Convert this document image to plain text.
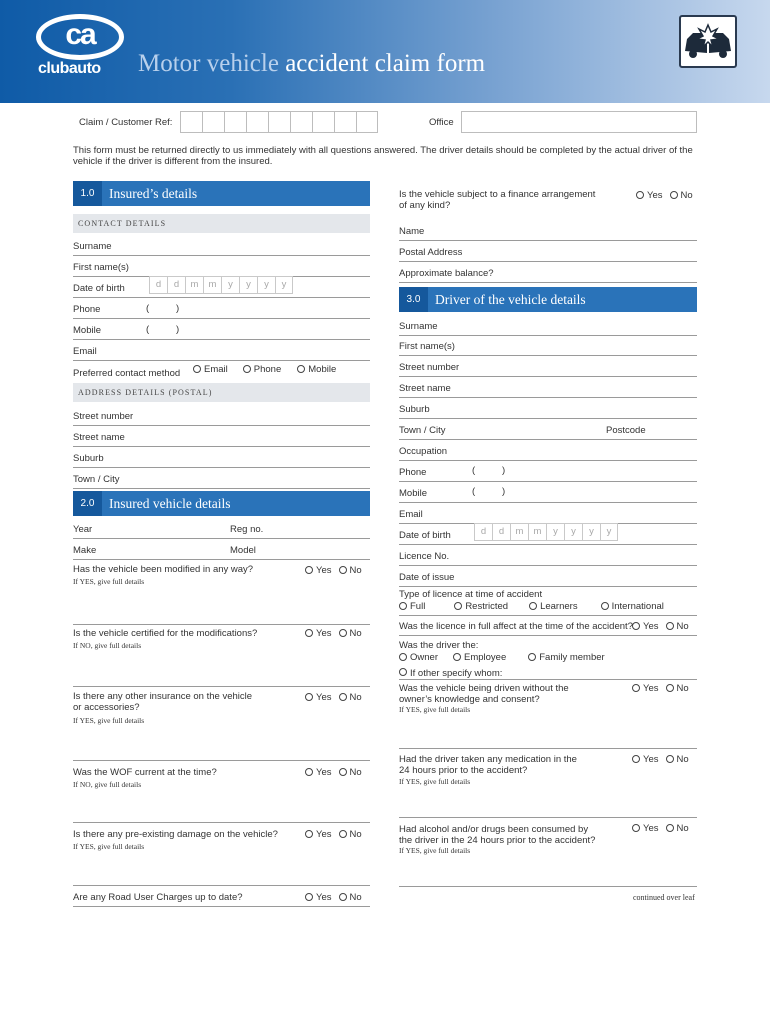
ca
clubauto Motor vehicle accident claim form
Claim / Customer Ref:	Office
This form must be returned directly to us immediately with all questions answered. The driver details should be completed by the actual driver of the vehicle if the driver is different from the insured.
1.0	Insured’s details
CONTACT DETAILS
Surname
First name(s)
Date of birth	d	d	m	m	y	y	y	y
Phone	(	)
Mobile	(	)
Email
Preferred contact method	Email	Phone	Mobile
ADDRESS DETAILS (POSTAL)
Street number
Street name
Suburb
Town / City
2.0	Insured vehicle details
Year	Reg no.
Make	Model
Has the vehicle been modified in any way?
If YES, give full details
Yes	No
Is the vehicle certified for the modifications?
If NO, give full details
Yes	No
Is there any other insurance on the vehicle
or accessories?
If YES, give full details
Yes	No
Was the WOF current at the time?
If NO, give full details
Yes	No
Is there any pre-existing damage on the vehicle?
If YES, give full details
Yes	No
Are any Road User Charges up to date?	Yes	No
Is the vehicle subject to a finance arrangement
of any kind?
Yes	No
Name
Postal Address
Approximate balance?
3.0	Driver of the vehicle details
Surname
First name(s)
Street number
Street name
Suburb
Town / City	Postcode
Occupation
Phone	(	)
Mobile	(	)
Email
Date of birth	d	d	m	m	y	y	y	y
Licence No.
Date of issue
Type of licence at time of accident
Full	Restricted	Learners	International
Was the licence in full affect at the time of the accident?	Yes	No
Was the driver the:
Owner	Employee	Family member
If other specify whom:
Was the vehicle being driven without the
owner’s knowledge and consent?
If YES, give full details
Yes	No
Had the driver taken any medication in the
24 hours prior to the accident?
If YES, give full details
Yes	No
Had alcohol and/or drugs been consumed by
the driver in the 24 hours prior to the accident?
If YES, give full details
Yes	No
continued over leaf
